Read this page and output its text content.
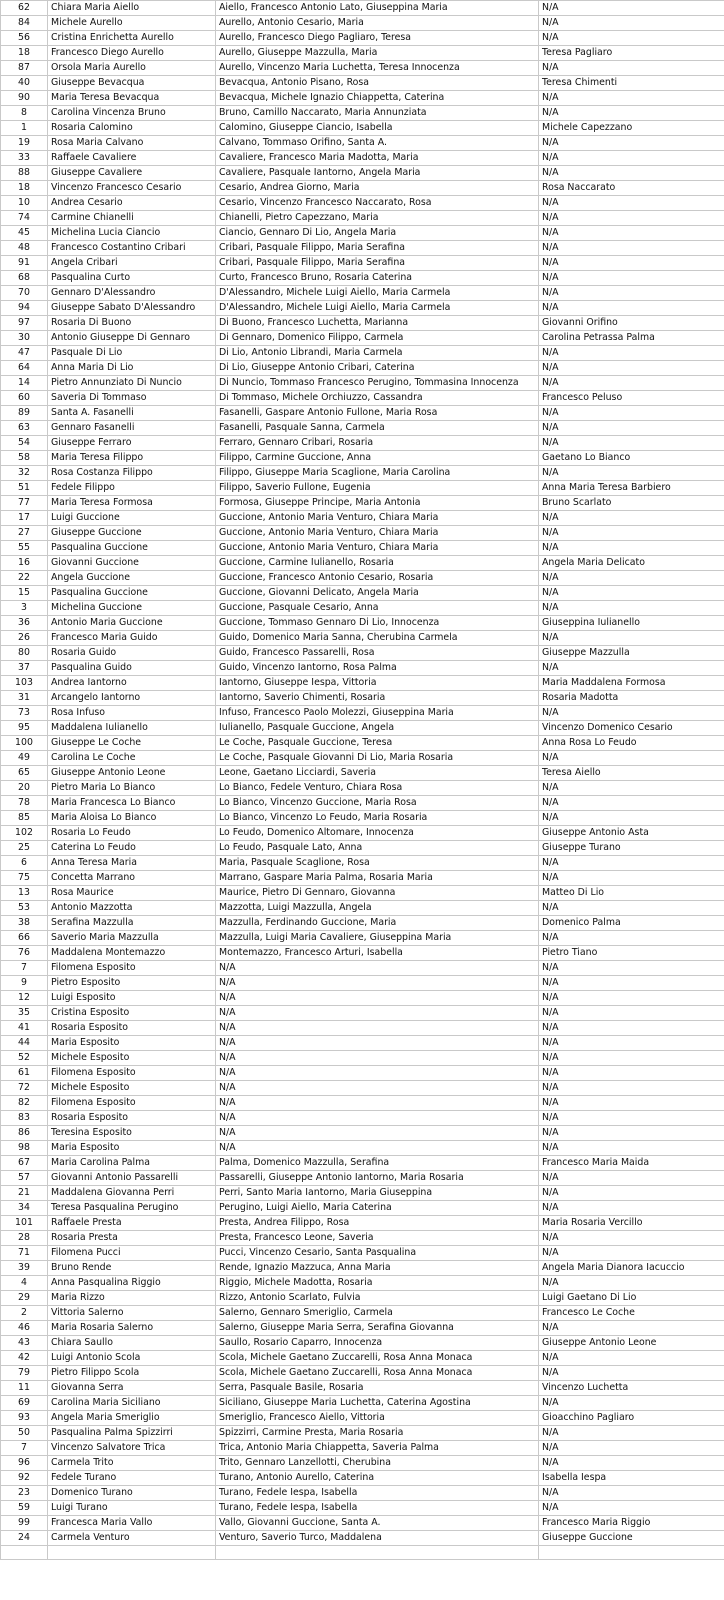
62	Chiara Maria Aiello	Aiello, Francesco Antonio Lato, Giuseppina Maria	N/A
84	Michele Aurello	Aurello, Antonio Cesario, Maria	N/A
56	Cristina Enrichetta Aurello	Aurello, Francesco Diego Pagliaro, Teresa	N/A
18	Francesco Diego Aurello	Aurello, Giuseppe Mazzulla, Maria	Teresa Pagliaro
87	Orsola Maria Aurello	Aurello, Vincenzo Maria Luchetta, Teresa Innocenza	N/A
40	Giuseppe Bevacqua	Bevacqua, Antonio Pisano, Rosa	Teresa Chimenti
90	Maria Teresa Bevacqua	Bevacqua, Michele Ignazio Chiappetta, Caterina	N/A
8	Carolina Vincenza Bruno	Bruno, Camillo Naccarato, Maria Annunziata	N/A
1	Rosaria Calomino	Calomino, Giuseppe Ciancio, Isabella	Michele Capezzano
19	Rosa Maria Calvano	Calvano, Tommaso Orifino, Santa A.	N/A
33	Raffaele Cavaliere	Cavaliere, Francesco Maria Madotta, Maria	N/A
88	Giuseppe Cavaliere	Cavaliere, Pasquale Iantorno, Angela Maria	N/A
18	Vincenzo Francesco Cesario	Cesario, Andrea Giorno, Maria	Rosa Naccarato
10	Andrea Cesario	Cesario, Vincenzo Francesco Naccarato, Rosa	N/A
74	Carmine Chianelli	Chianelli, Pietro Capezzano, Maria	N/A
45	Michelina Lucia Ciancio	Ciancio, Gennaro Di Lio, Angela Maria	N/A
48	Francesco Costantino Cribari	Cribari, Pasquale Filippo, Maria Serafina	N/A
91	Angela Cribari	Cribari, Pasquale Filippo, Maria Serafina	N/A
68	Pasqualina Curto	Curto, Francesco Bruno, Rosaria Caterina	N/A
70	Gennaro D'Alessandro	D'Alessandro, Michele Luigi Aiello, Maria Carmela	N/A
94	Giuseppe Sabato D'Alessandro	D'Alessandro, Michele Luigi Aiello, Maria Carmela	N/A
97	Rosaria Di Buono	Di Buono, Francesco Luchetta, Marianna	Giovanni Orifino
30	Antonio Giuseppe Di Gennaro	Di Gennaro, Domenico Filippo, Carmela	Carolina Petrassa Palma
47	Pasquale Di Lio	Di Lio, Antonio Librandi, Maria Carmela	N/A
64	Anna Maria Di Lio	Di Lio, Giuseppe Antonio Cribari, Caterina	N/A
14	Pietro Annunziato Di Nuncio	Di Nuncio, Tommaso Francesco Perugino, Tommasina Innocenza	N/A
60	Saveria Di Tommaso	Di Tommaso, Michele Orchiuzzo, Cassandra	Francesco Peluso
89	Santa A. Fasanelli	Fasanelli, Gaspare Antonio Fullone, Maria Rosa	N/A
63	Gennaro Fasanelli	Fasanelli, Pasquale Sanna, Carmela	N/A
54	Giuseppe Ferraro	Ferraro, Gennaro Cribari, Rosaria	N/A
58	Maria Teresa Filippo	Filippo, Carmine Guccione, Anna	Gaetano Lo Bianco
32	Rosa Costanza Filippo	Filippo, Giuseppe Maria Scaglione, Maria Carolina	N/A
51	Fedele Filippo	Filippo, Saverio Fullone, Eugenia	Anna Maria Teresa Barbiero
77	Maria Teresa Formosa	Formosa, Giuseppe Principe, Maria Antonia	Bruno Scarlato
17	Luigi Guccione	Guccione, Antonio Maria Venturo, Chiara Maria	N/A
27	Giuseppe Guccione	Guccione, Antonio Maria Venturo, Chiara Maria	N/A
55	Pasqualina Guccione	Guccione, Antonio Maria Venturo, Chiara Maria	N/A
16	Giovanni Guccione	Guccione, Carmine Iulianello, Rosaria	Angela Maria Delicato
22	Angela Guccione	Guccione, Francesco Antonio Cesario, Rosaria	N/A
15	Pasqualina Guccione	Guccione, Giovanni Delicato, Angela Maria	N/A
3	Michelina Guccione	Guccione, Pasquale Cesario, Anna	N/A
36	Antonio Maria Guccione	Guccione, Tommaso Gennaro Di Lio, Innocenza	Giuseppina Iulianello
26	Francesco Maria Guido	Guido, Domenico Maria Sanna, Cherubina Carmela	N/A
80	Rosaria Guido	Guido, Francesco Passarelli, Rosa	Giuseppe Mazzulla
37	Pasqualina Guido	Guido, Vincenzo Iantorno, Rosa Palma	N/A
103	Andrea Iantorno	Iantorno, Giuseppe Iespa, Vittoria	Maria Maddalena Formosa
31	Arcangelo Iantorno	Iantorno, Saverio Chimenti, Rosaria	Rosaria Madotta
73	Rosa Infuso	Infuso, Francesco Paolo Molezzi, Giuseppina Maria	N/A
95	Maddalena Iulianello	Iulianello, Pasquale Guccione, Angela	Vincenzo Domenico Cesario
100	Giuseppe Le Coche	Le Coche, Pasquale Guccione, Teresa	Anna Rosa Lo Feudo
49	Carolina Le Coche	Le Coche, Pasquale Giovanni Di Lio, Maria Rosaria	N/A
65	Giuseppe Antonio Leone	Leone, Gaetano Licciardi, Saveria	Teresa Aiello
20	Pietro Maria Lo Bianco	Lo Bianco, Fedele Venturo, Chiara Rosa	N/A
78	Maria Francesca Lo Bianco	Lo Bianco, Vincenzo Guccione, Maria Rosa	N/A
85	Maria Aloisa Lo Bianco	Lo Bianco, Vincenzo Lo Feudo, Maria Rosaria	N/A
102	Rosaria Lo Feudo	Lo Feudo, Domenico Altomare, Innocenza	Giuseppe Antonio Asta
25	Caterina Lo Feudo	Lo Feudo, Pasquale Lato, Anna	Giuseppe Turano
6	Anna Teresa Maria	Maria, Pasquale Scaglione, Rosa	N/A
75	Concetta Marrano	Marrano, Gaspare Maria Palma, Rosaria Maria	N/A
13	Rosa Maurice	Maurice, Pietro Di Gennaro, Giovanna	Matteo Di Lio
53	Antonio Mazzotta	Mazzotta, Luigi Mazzulla, Angela	N/A
38	Serafina Mazzulla	Mazzulla, Ferdinando Guccione, Maria	Domenico Palma
66	Saverio Maria Mazzulla	Mazzulla, Luigi Maria Cavaliere, Giuseppina Maria	N/A
76	Maddalena Montemazzo	Montemazzo, Francesco Arturi, Isabella	Pietro Tiano
7	Filomena Esposito	N/A	N/A
9	Pietro Esposito	N/A	N/A
12	Luigi Esposito	N/A	N/A
35	Cristina Esposito	N/A	N/A
41	Rosaria Esposito	N/A	N/A
44	Maria Esposito	N/A	N/A
52	Michele Esposito	N/A	N/A
61	Filomena Esposito	N/A	N/A
72	Michele Esposito	N/A	N/A
82	Filomena Esposito	N/A	N/A
83	Rosaria Esposito	N/A	N/A
86	Teresina Esposito	N/A	N/A
98	Maria Esposito	N/A	N/A
67	Maria Carolina Palma	Palma, Domenico Mazzulla, Serafina	Francesco Maria Maida
57	Giovanni Antonio Passarelli	Passarelli, Giuseppe Antonio Iantorno, Maria Rosaria	N/A
21	Maddalena Giovanna Perri	Perri, Santo Maria Iantorno, Maria Giuseppina	N/A
34	Teresa Pasqualina Perugino	Perugino, Luigi Aiello, Maria Caterina	N/A
101	Raffaele Presta	Presta, Andrea Filippo, Rosa	Maria Rosaria Vercillo
28	Rosaria Presta	Presta, Francesco Leone, Saveria	N/A
71	Filomena Pucci	Pucci, Vincenzo Cesario, Santa Pasqualina	N/A
39	Bruno Rende	Rende, Ignazio Mazzuca, Anna Maria	Angela Maria Dianora Iacuccio
4	Anna Pasqualina Riggio	Riggio, Michele Madotta, Rosaria	N/A
29	Maria Rizzo	Rizzo, Antonio Scarlato, Fulvia	Luigi Gaetano Di Lio
2	Vittoria Salerno	Salerno, Gennaro Smeriglio, Carmela	Francesco Le Coche
46	Maria Rosaria Salerno	Salerno, Giuseppe Maria Serra, Serafina Giovanna	N/A
43	Chiara Saullo	Saullo, Rosario Caparro, Innocenza	Giuseppe Antonio Leone
42	Luigi Antonio Scola	Scola, Michele Gaetano Zuccarelli, Rosa Anna Monaca	N/A
79	Pietro Filippo Scola	Scola, Michele Gaetano Zuccarelli, Rosa Anna Monaca	N/A
11	Giovanna Serra	Serra, Pasquale Basile, Rosaria	Vincenzo Luchetta
69	Carolina Maria Siciliano	Siciliano, Giuseppe Maria Luchetta, Caterina Agostina	N/A
93	Angela Maria Smeriglio	Smeriglio, Francesco Aiello, Vittoria	Gioacchino Pagliaro
50	Pasqualina Palma Spizzirri	Spizzirri, Carmine Presta, Maria Rosaria	N/A
7	Vincenzo Salvatore Trica	Trica, Antonio Maria Chiappetta, Saveria Palma	N/A
96	Carmela Trito	Trito, Gennaro Lanzellotti, Cherubina	N/A
92	Fedele Turano	Turano, Antonio Aurello, Caterina	Isabella Iespa
23	Domenico Turano	Turano, Fedele Iespa, Isabella	N/A
59	Luigi Turano	Turano, Fedele Iespa, Isabella	N/A
99	Francesca Maria Vallo	Vallo, Giovanni Guccione, Santa A.	Francesco Maria Riggio
24	Carmela Venturo	Venturo, Saverio Turco, Maddalena	Giuseppe Guccione
